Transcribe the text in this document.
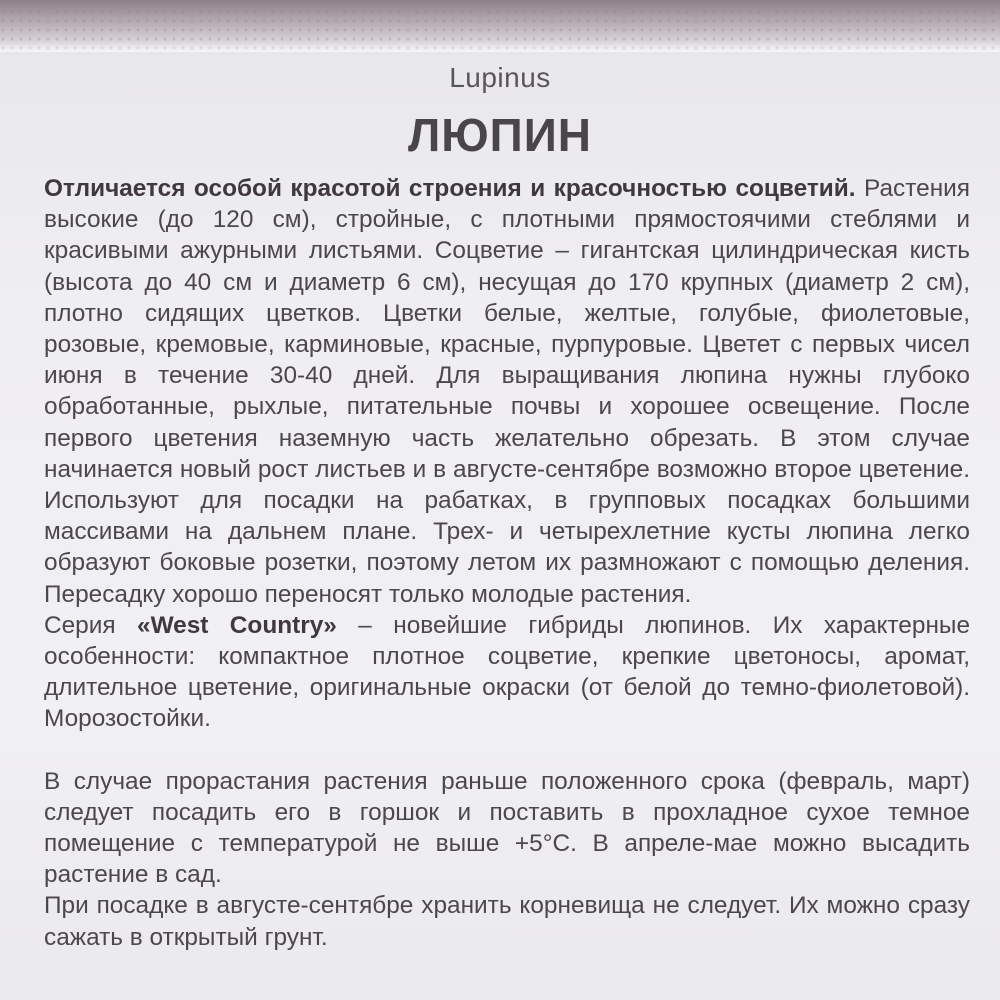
Lupinus
ЛЮПИН

Отличается особой красотой строения и красочностью соцветий. Растения высокие (до 120 см), стройные, с плотными прямостоячими стеблями и красивыми ажурными листьями. Соцветие – гигантская цилиндрическая кисть (высота до 40 см и диаметр 6 см), несущая до 170 крупных (диаметр 2 см), плотно сидящих цветков. Цветки белые, желтые, голубые, фиолетовые, розовые, кремовые, карминовые, красные, пурпуровые. Цветет с первых чисел июня в течение 30-40 дней. Для выращивания люпина нужны глубоко обработанные, рыхлые, питательные почвы и хорошее освещение. После первого цветения наземную часть желательно обрезать. В этом случае начинается новый рост листьев и в августе-сентябре возможно второе цветение. Используют для посадки на рабатках, в групповых посадках большими массивами на дальнем плане. Трех- и четырехлетние кусты люпина легко образуют боковые розетки, поэтому летом их размножают с помощью деления. Пересадку хорошо переносят только молодые растения.

Серия «West Country» – новейшие гибриды люпинов. Их характерные особенности: компактное плотное соцветие, крепкие цветоносы, аромат, длительное цветение, оригинальные окраски (от белой до темно-фиолетовой). Морозостойки.

В случае прорастания растения раньше положенного срока (февраль, март) следует посадить его в горшок и поставить в прохладное сухое темное помещение с температурой не выше +5°С. В апреле-мае можно высадить растение в сад.

При посадке в августе-сентябре хранить корневища не следует. Их можно сразу сажать в открытый грунт.
